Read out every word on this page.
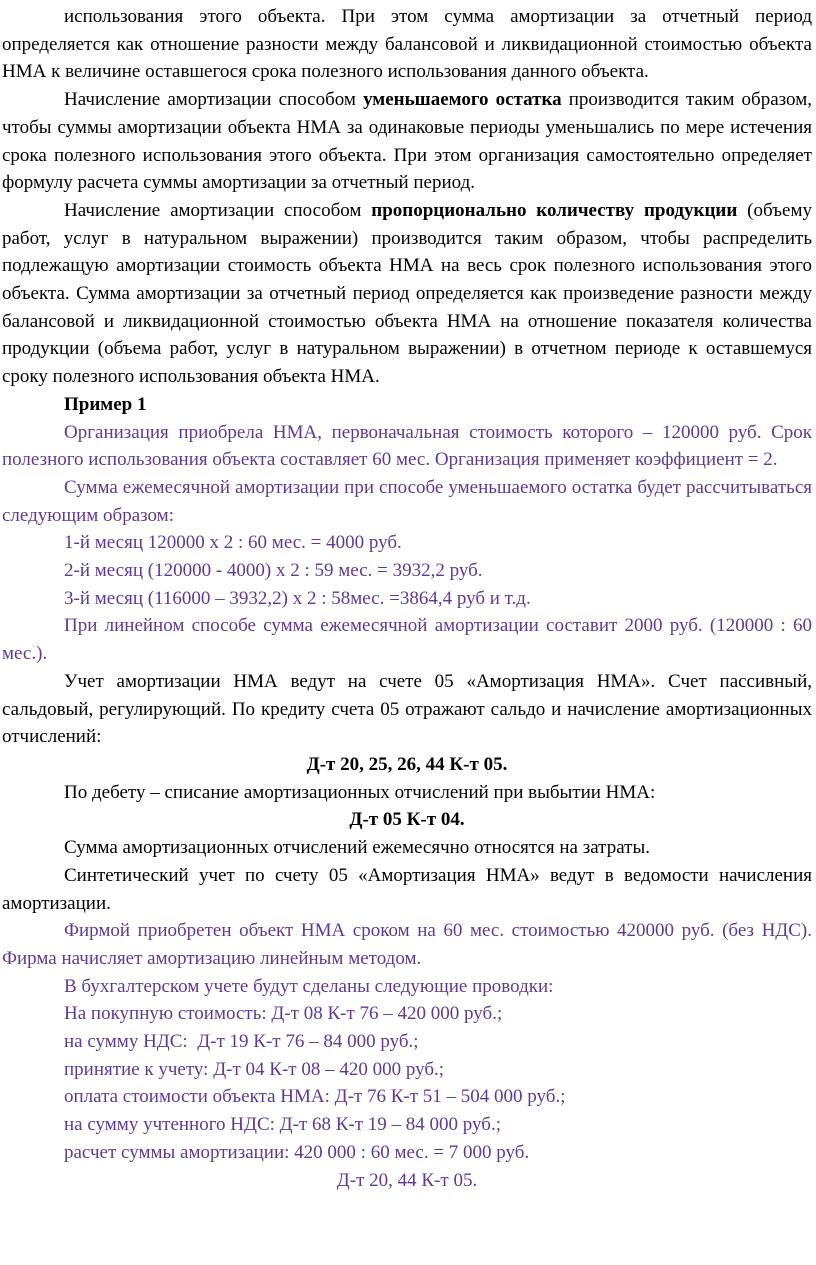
использования этого объекта. При этом сумма амортизации за отчетный период определяется как отношение разности между балансовой и ликвидационной стоимостью объекта НМА к величине оставшегося срока полезного использования данного объекта.

Начисление амортизации способом уменьшаемого остатка производится таким образом, чтобы суммы амортизации объекта НМА за одинаковые периоды уменьшались по мере истечения срока полезного использования этого объекта. При этом организация самостоятельно определяет формулу расчета суммы амортизации за отчетный период.

Начисление амортизации способом пропорционально количеству продукции (объему работ, услуг в натуральном выражении) производится таким образом, чтобы распределить подлежащую амортизации стоимость объекта НМА на весь срок полезного использования этого объекта. Сумма амортизации за отчетный период определяется как произведение разности между балансовой и ликвидационной стоимостью объекта НМА на отношение показателя количества продукции (объема работ, услуг в натуральном выражении) в отчетном периоде к оставшемуся сроку полезного использования объекта НМА.

Пример 1

Организация приобрела НМА, первоначальная стоимость которого – 120000 руб. Срок полезного использования объекта составляет 60 мес. Организация применяет коэффициент = 2.

Сумма ежемесячной амортизации при способе уменьшаемого остатка будет рассчитываться следующим образом:

1-й месяц 120000 х 2 : 60 мес. = 4000 руб.

2-й месяц (120000 - 4000) х 2 : 59 мес. = 3932,2 руб.

3-й месяц (116000 – 3932,2) х 2 : 58мес. =3864,4 руб и т.д.

При линейном способе сумма ежемесячной амортизации составит 2000 руб. (120000 : 60 мес.).

Учет амортизации НМА ведут на счете 05 «Амортизация НМА». Счет пассивный, сальдовый, регулирующий. По кредиту счета 05 отражают сальдо и начисление амортизационных отчислений:

Д-т 20, 25, 26, 44 К-т 05.

По дебету – списание амортизационных отчислений при выбытии НМА:

Д-т 05 К-т 04.

Сумма амортизационных отчислений ежемесячно относятся на затраты.

Синтетический учет по счету 05 «Амортизация НМА» ведут в ведомости начисления амортизации.

Фирмой приобретен объект НМА сроком на 60 мес. стоимостью 420000 руб. (без НДС). Фирма начисляет амортизацию линейным методом.

В бухгалтерском учете будут сделаны следующие проводки:

На покупную стоимость: Д-т 08 К-т 76 – 420 000 руб.;

на сумму НДС:  Д-т 19 К-т 76 – 84 000 руб.;

принятие к учету: Д-т 04 К-т 08 – 420 000 руб.;

оплата стоимости объекта НМА: Д-т 76 К-т 51 – 504 000 руб.;

на сумму учтенного НДС: Д-т 68 К-т 19 – 84 000 руб.;

расчет суммы амортизации: 420 000 : 60 мес. = 7 000 руб.

Д-т 20, 44 К-т 05.
